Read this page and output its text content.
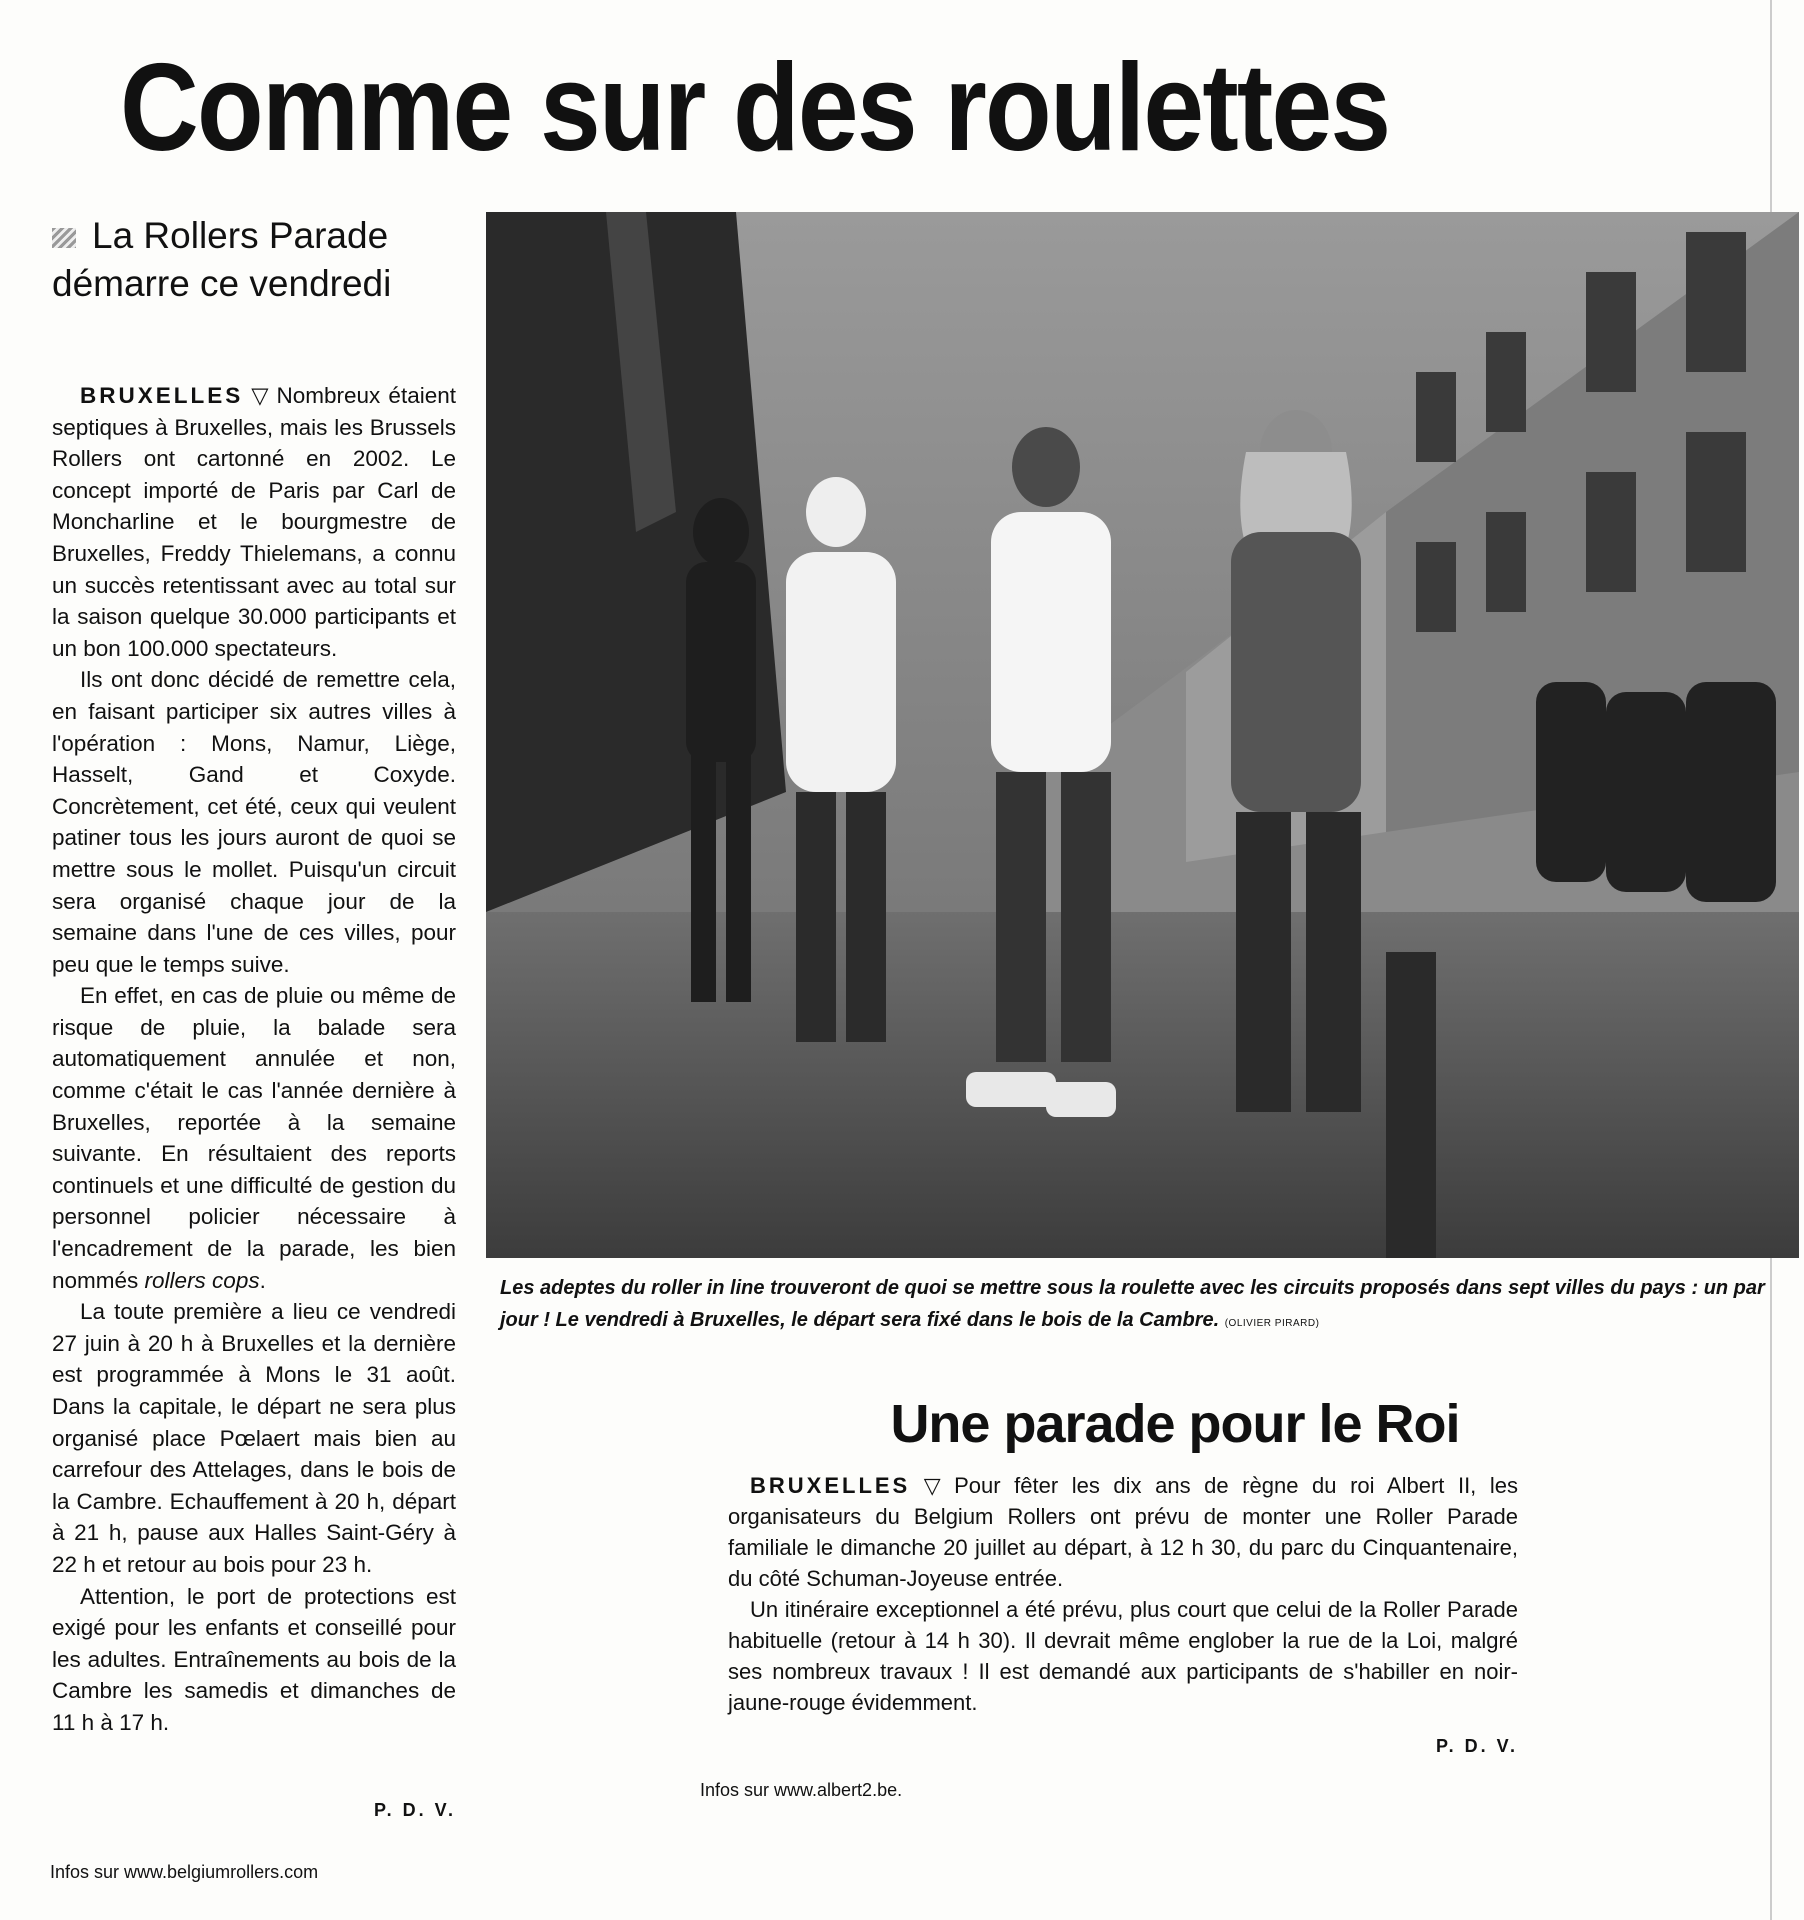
Comme sur des roulettes
La Rollers Parade
démarre ce vendredi

BRUXELLES ▽ Nombreux étaient septiques à Bruxelles, mais les Brussels Rollers ont cartonné en 2002. Le concept importé de Paris par Carl de Moncharline et le bourgmestre de Bruxelles, Freddy Thielemans, a connu un succès retentissant avec au total sur la saison quelque 30.000 participants et un bon 100.000 spectateurs.

Ils ont donc décidé de remettre cela, en faisant participer six autres villes à l'opération : Mons, Namur, Liège, Hasselt, Gand et Coxyde. Concrètement, cet été, ceux qui veulent patiner tous les jours auront de quoi se mettre sous le mollet. Puisqu'un circuit sera organisé chaque jour de la semaine dans l'une de ces villes, pour peu que le temps suive.

En effet, en cas de pluie ou même de risque de pluie, la balade sera automatiquement annulée et non, comme c'était le cas l'année dernière à Bruxelles, reportée à la semaine suivante. En résultaient des reports continuels et une difficulté de gestion du personnel policier nécessaire à l'encadrement de la parade, les bien nommés rollers cops.

La toute première a lieu ce vendredi 27 juin à 20 h à Bruxelles et la dernière est programmée à Mons le 31 août. Dans la capitale, le départ ne sera plus organisé place Pœlaert mais bien au carrefour des Attelages, dans le bois de la Cambre. Echauffement à 20 h, départ à 21 h, pause aux Halles Saint-Géry à 22 h et retour au bois pour 23 h.

Attention, le port de protections est exigé pour les enfants et conseillé pour les adultes. Entraînements au bois de la Cambre les samedis et dimanches de 11 h à 17 h.

P. D. V.
Infos sur www.belgiumrollers.com
Les adeptes du roller in line trouveront de quoi se mettre sous la roulette avec les circuits proposés dans sept villes du pays : un par jour ! Le vendredi à Bruxelles, le départ sera fixé dans le bois de la Cambre. (OLIVIER PIRARD)
Une parade pour le Roi

BRUXELLES ▽ Pour fêter les dix ans de règne du roi Albert II, les organisateurs du Belgium Rollers ont prévu de monter une Roller Parade familiale le dimanche 20 juillet au départ, à 12 h 30, du parc du Cinquantenaire, du côté Schuman-Joyeuse entrée.

Un itinéraire exceptionnel a été prévu, plus court que celui de la Roller Parade habituelle (retour à 14 h 30). Il devrait même englober la rue de la Loi, malgré ses nombreux travaux ! Il est demandé aux participants de s'habiller en noir-jaune-rouge évidemment.

P. D. V.
Infos sur www.albert2.be.
